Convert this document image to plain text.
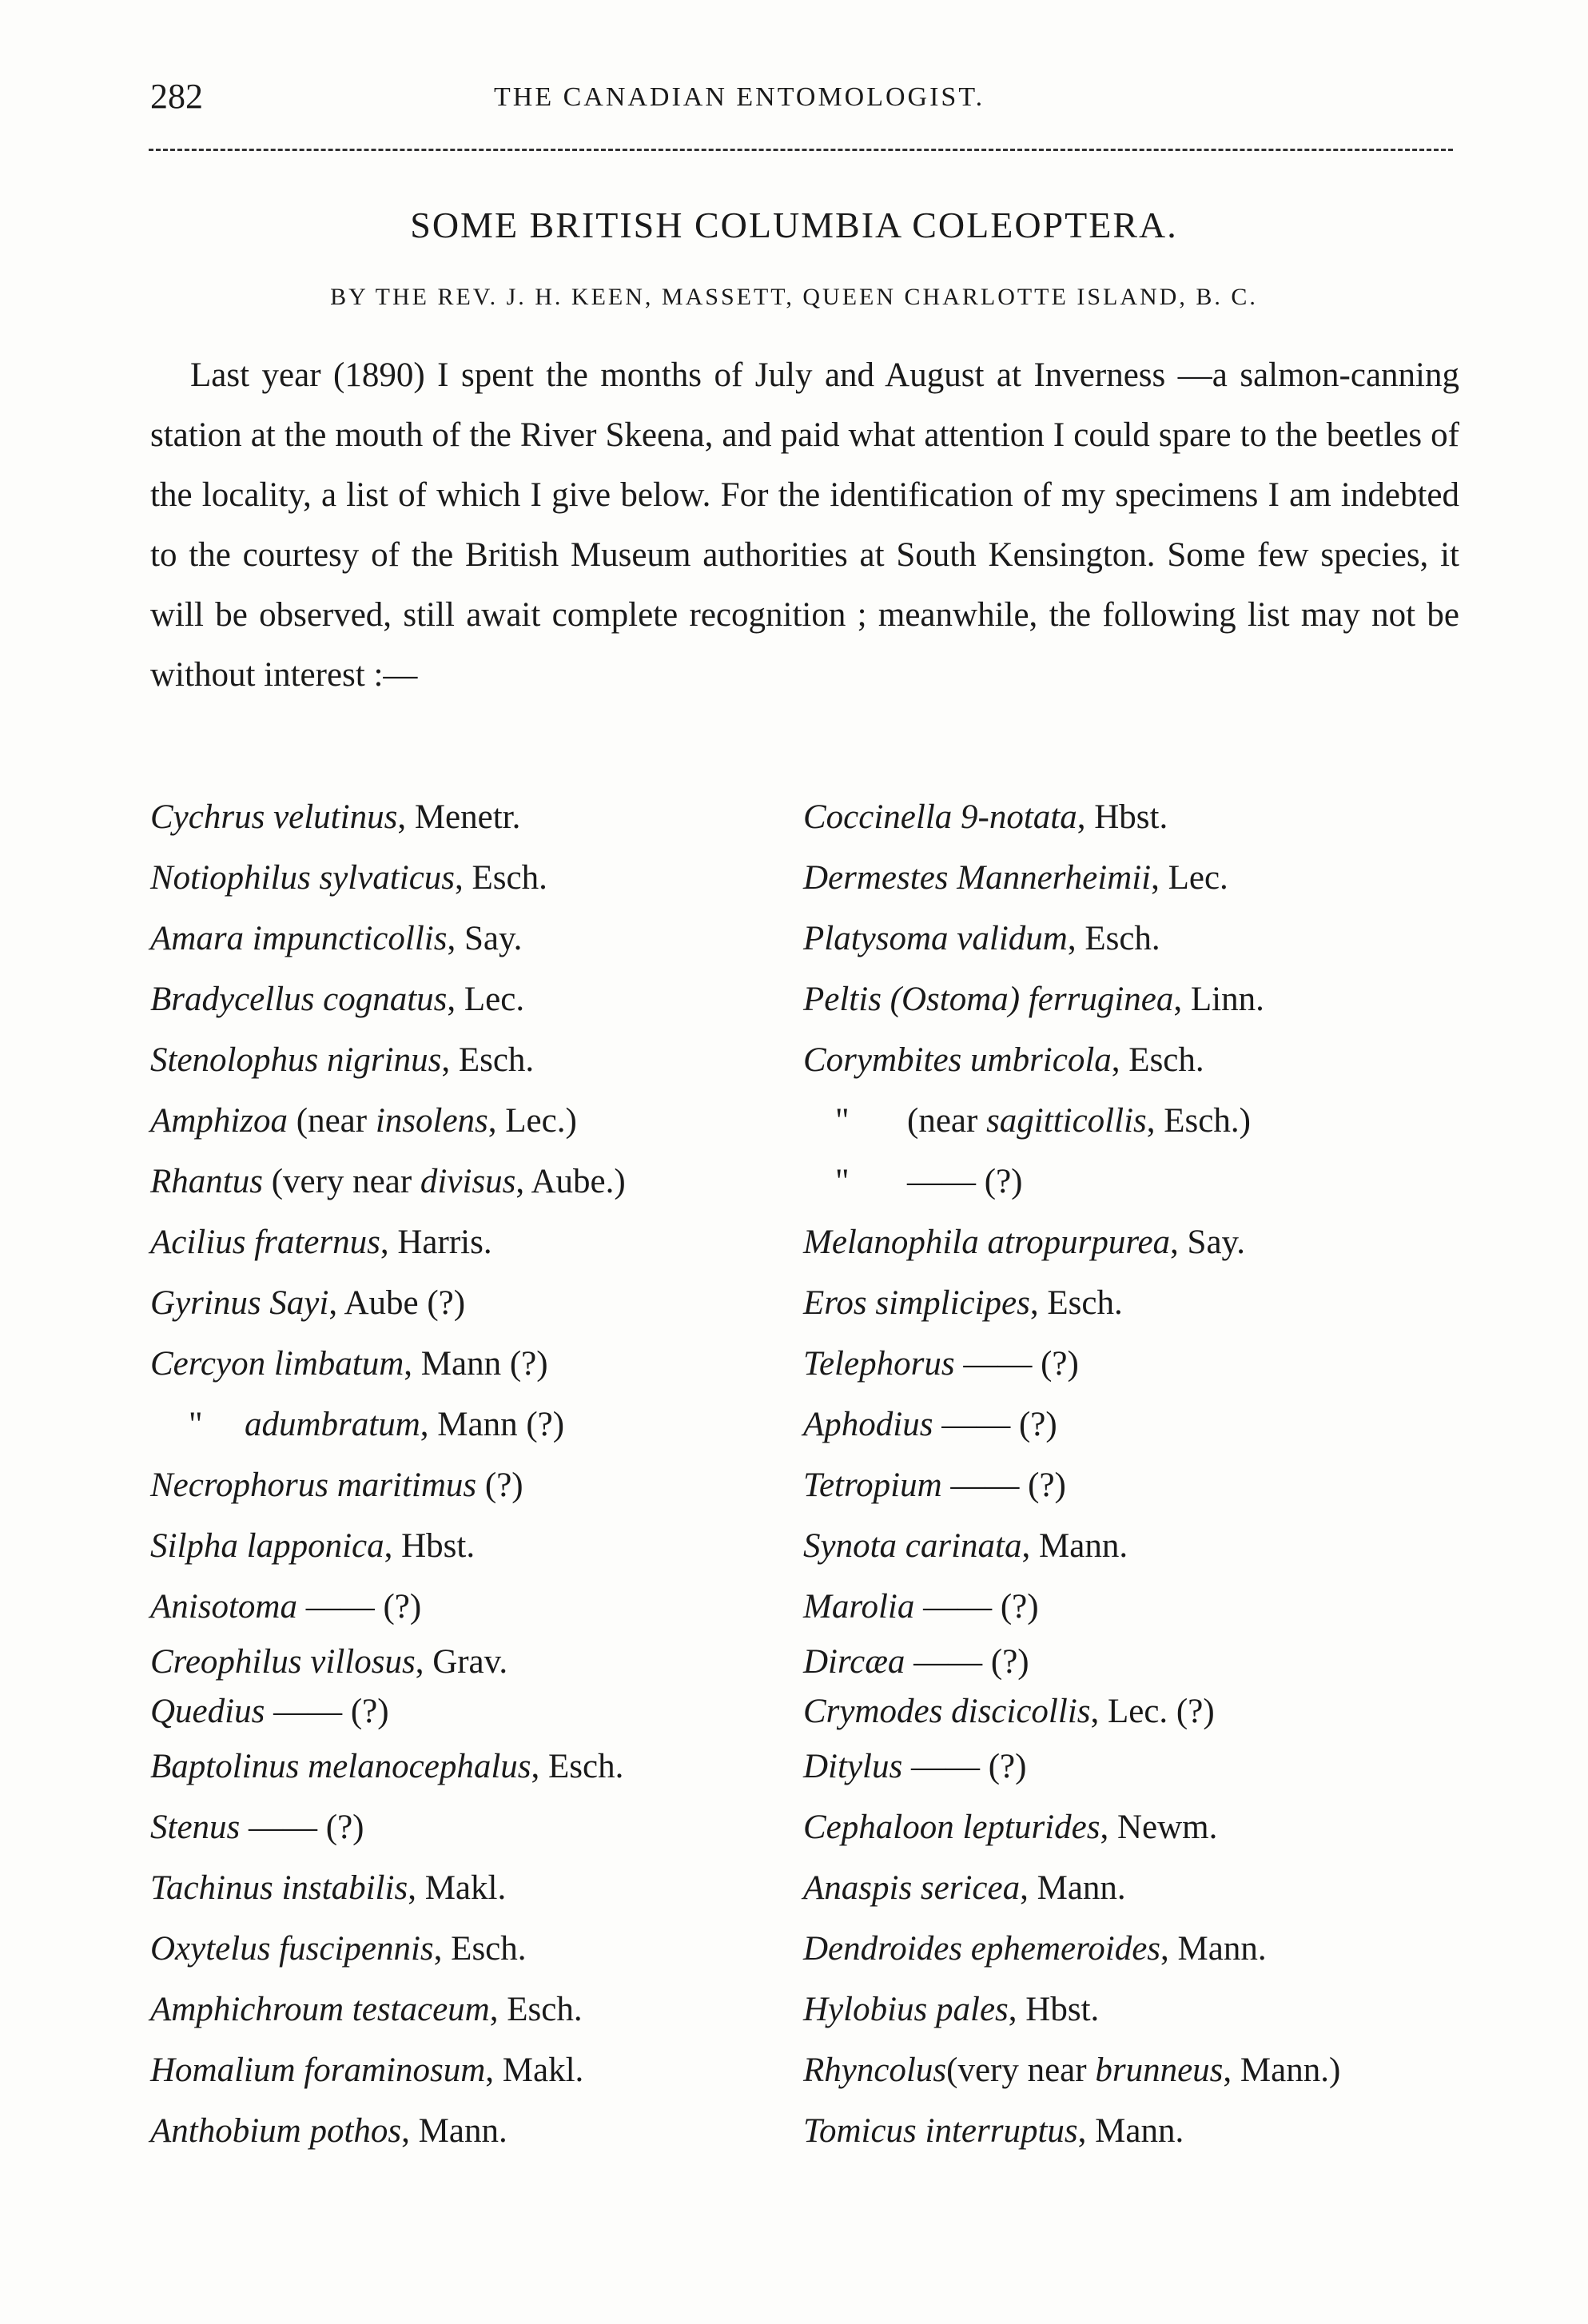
282	THE CANADIAN ENTOMOLOGIST.
SOME BRITISH COLUMBIA COLEOPTERA.
BY THE REV. J. H. KEEN, MASSETT, QUEEN CHARLOTTE ISLAND, B. C.

Last year (1890) I spent the months of July and August at Inverness —a salmon-canning station at the mouth of the River Skeena, and paid what attention I could spare to the beetles of the locality, a list of which I give below. For the identification of my specimens I am indebted to the courtesy of the British Museum authorities at South Kensington. Some few species, it will be observed, still await complete recognition ; meanwhile, the following list may not be without interest :—

Cychrus velutinus, Menetr.
Notiophilus sylvaticus, Esch.
Amara impuncticollis, Say.
Bradycellus cognatus, Lec.
Stenolophus nigrinus, Esch.
Amphizoa (near insolens, Lec.)
Rhantus (very near divisus, Aube.)
Acilius fraternus, Harris.
Gyrinus Sayi, Aube (?)
Cercyon limbatum, Mann (?)
" adumbratum, Mann (?)
Necrophorus maritimus (?)
Silpha lapponica, Hbst.
Anisotoma —— (?)
Creophilus villosus, Grav.
Quedius —— (?)
Baptolinus melanocephalus, Esch.
Stenus —— (?)
Tachinus instabilis, Makl.
Oxytelus fuscipennis, Esch.
Amphichroum testaceum, Esch.
Homalium foraminosum, Makl.
Anthobium pothos, Mann.
Coccinella 9-notata, Hbst.
Dermestes Mannerheimii, Lec.
Platysoma validum, Esch.
Peltis (Ostoma) ferruginea, Linn.
Corymbites umbricola, Esch.
" (near sagitticollis, Esch.)
" —— (?)
Melanophila atropurpurea, Say.
Eros simplicipes, Esch.
Telephorus —— (?)
Aphodius —— (?)
Tetropium —— (?)
Synota carinata, Mann.
Marolia —— (?)
Dircæa —— (?)
Crymodes discicollis, Lec. (?)
Ditylus —— (?)
Cephaloon lepturides, Newm.
Anaspis sericea, Mann.
Dendroides ephemeroides, Mann.
Hylobius pales, Hbst.
Rhyncolus(very near brunneus, Mann.)
Tomicus interruptus, Mann.
